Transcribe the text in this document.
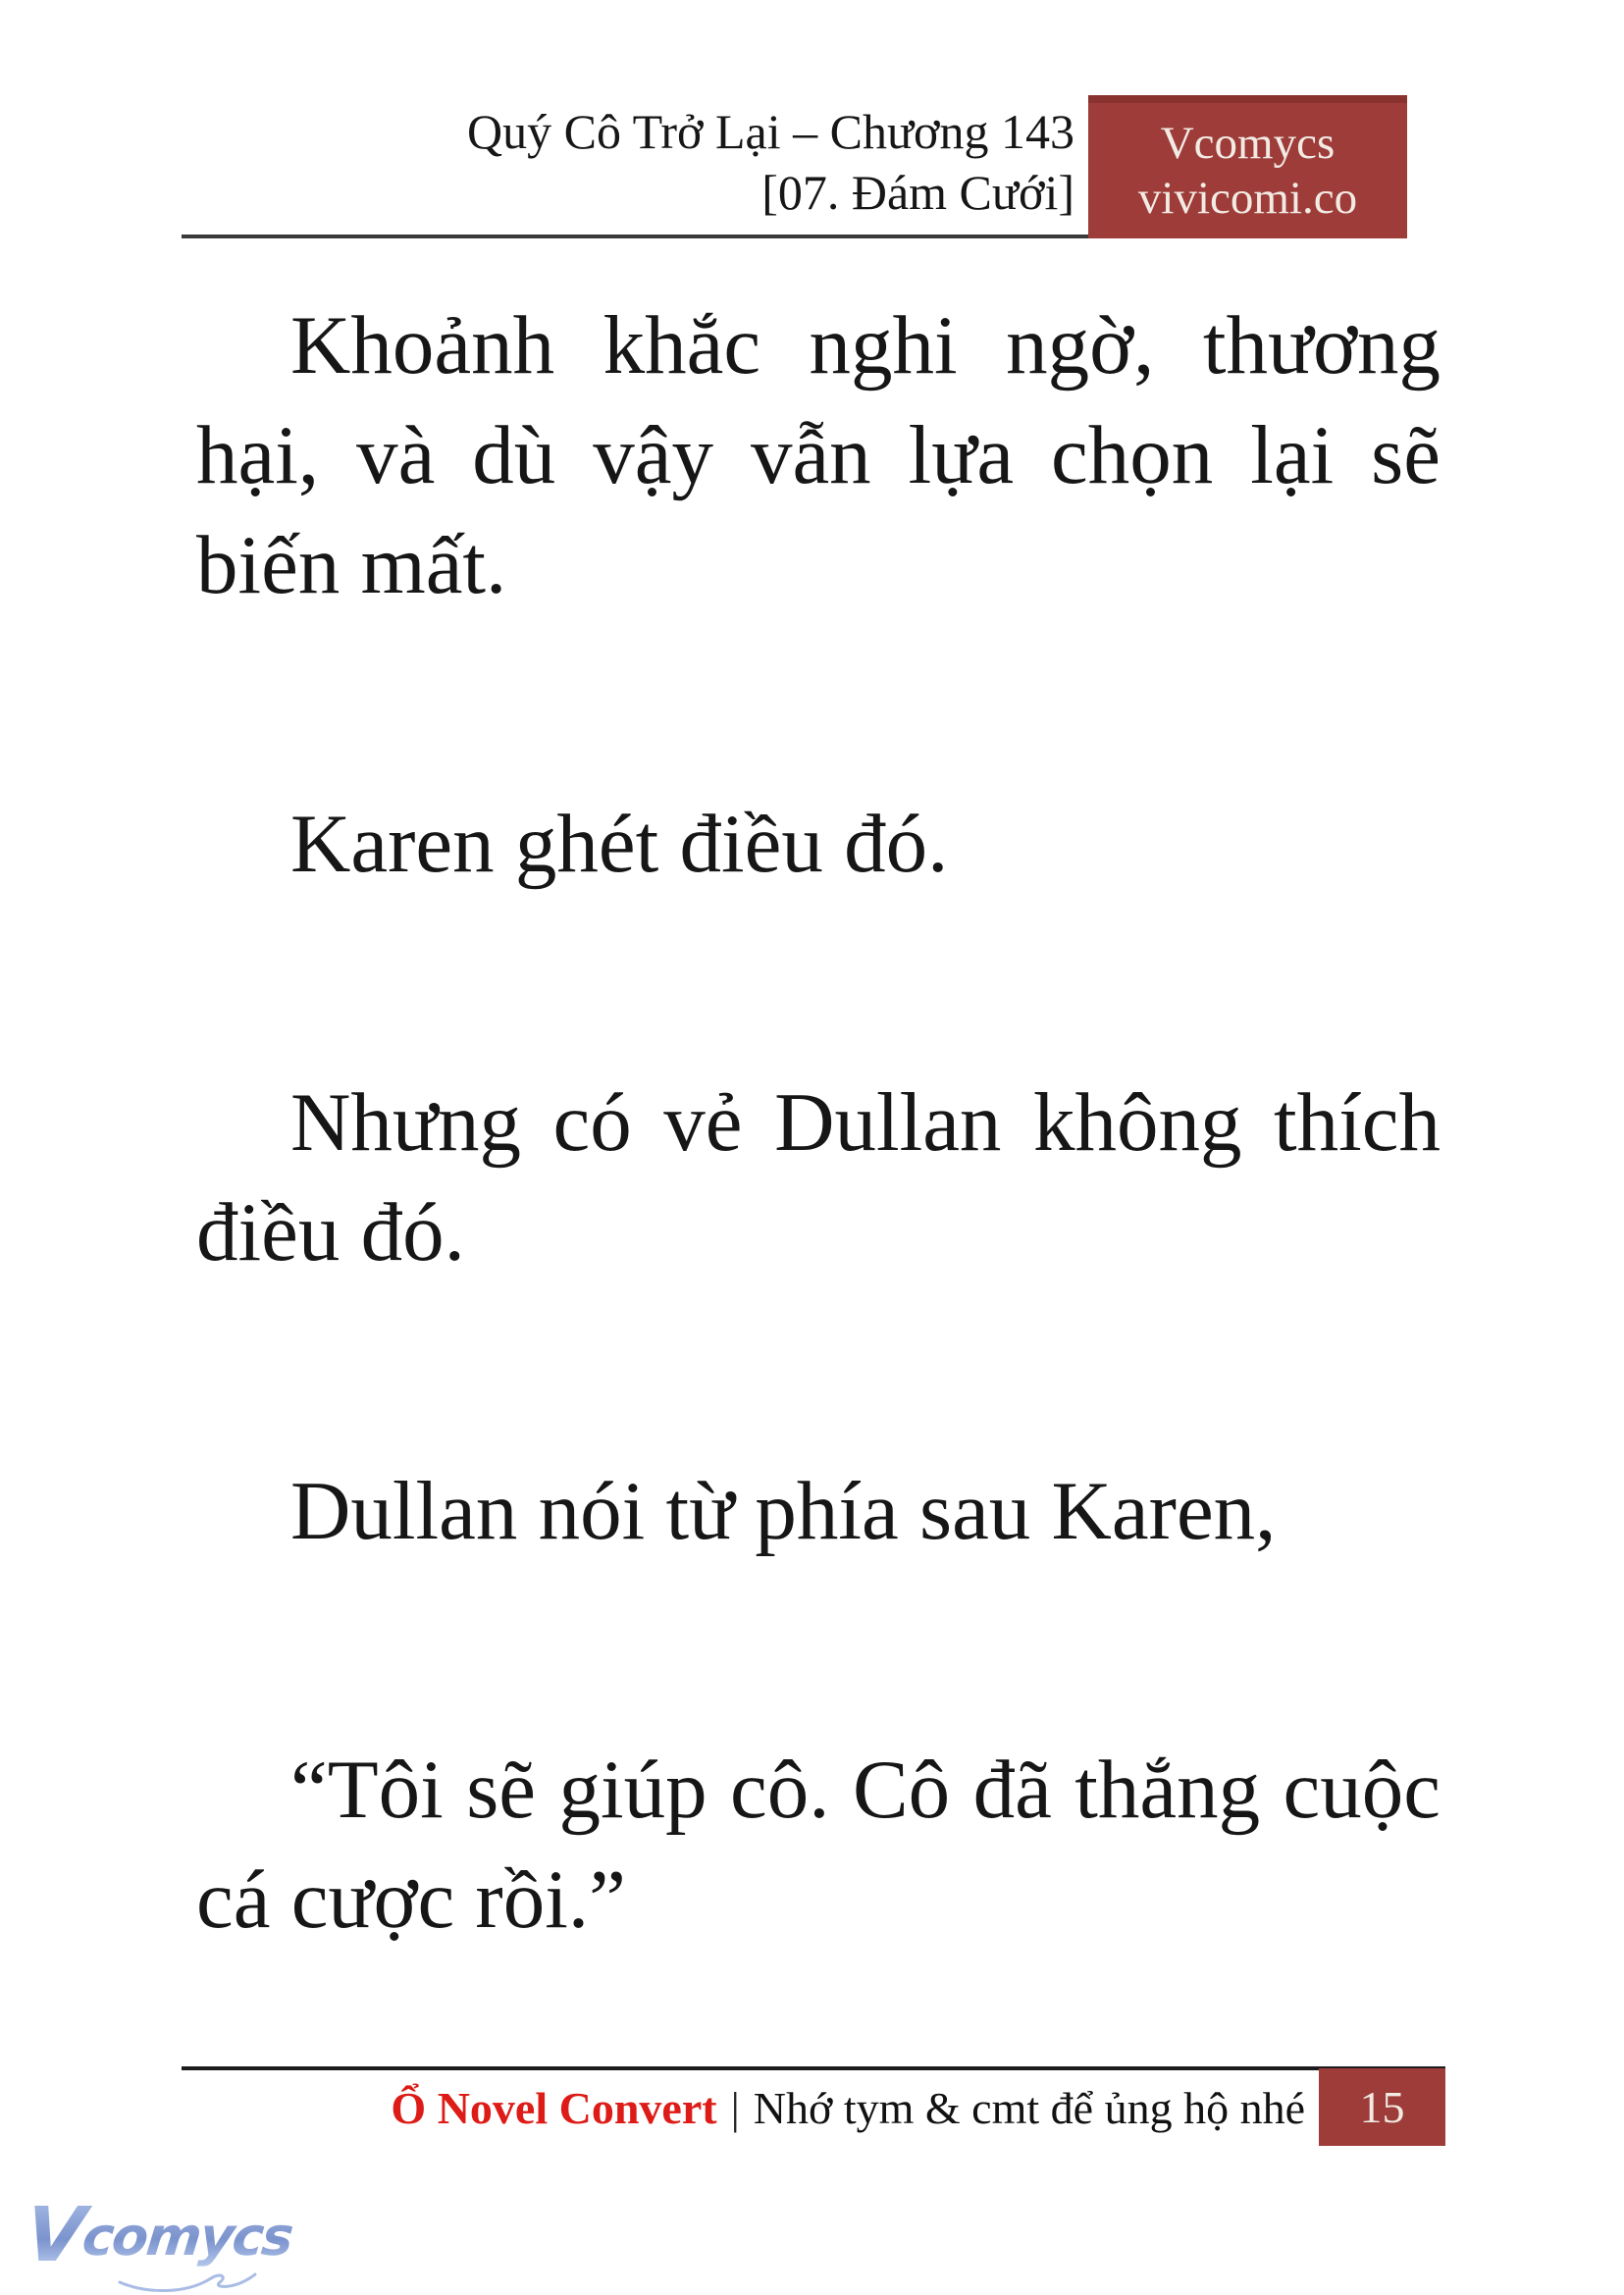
Quý Cô Trở Lại – Chương 143
[07. Đám Cưới]
Vcomycs
vivicomi.co
Khoảnh khắc nghi ngờ, thương
hại, và dù vậy vẫn lựa chọn lại sẽ
biến mất.
Karen ghét điều đó.
Nhưng có vẻ Dullan không thích
điều đó.
Dullan nói từ phía sau Karen,
“Tôi sẽ giúp cô. Cô đã thắng cuộc
cá cược rồi.”
Ổ Novel Convert | Nhớ tym & cmt để ủng hộ nhé 15
Vcomycs
